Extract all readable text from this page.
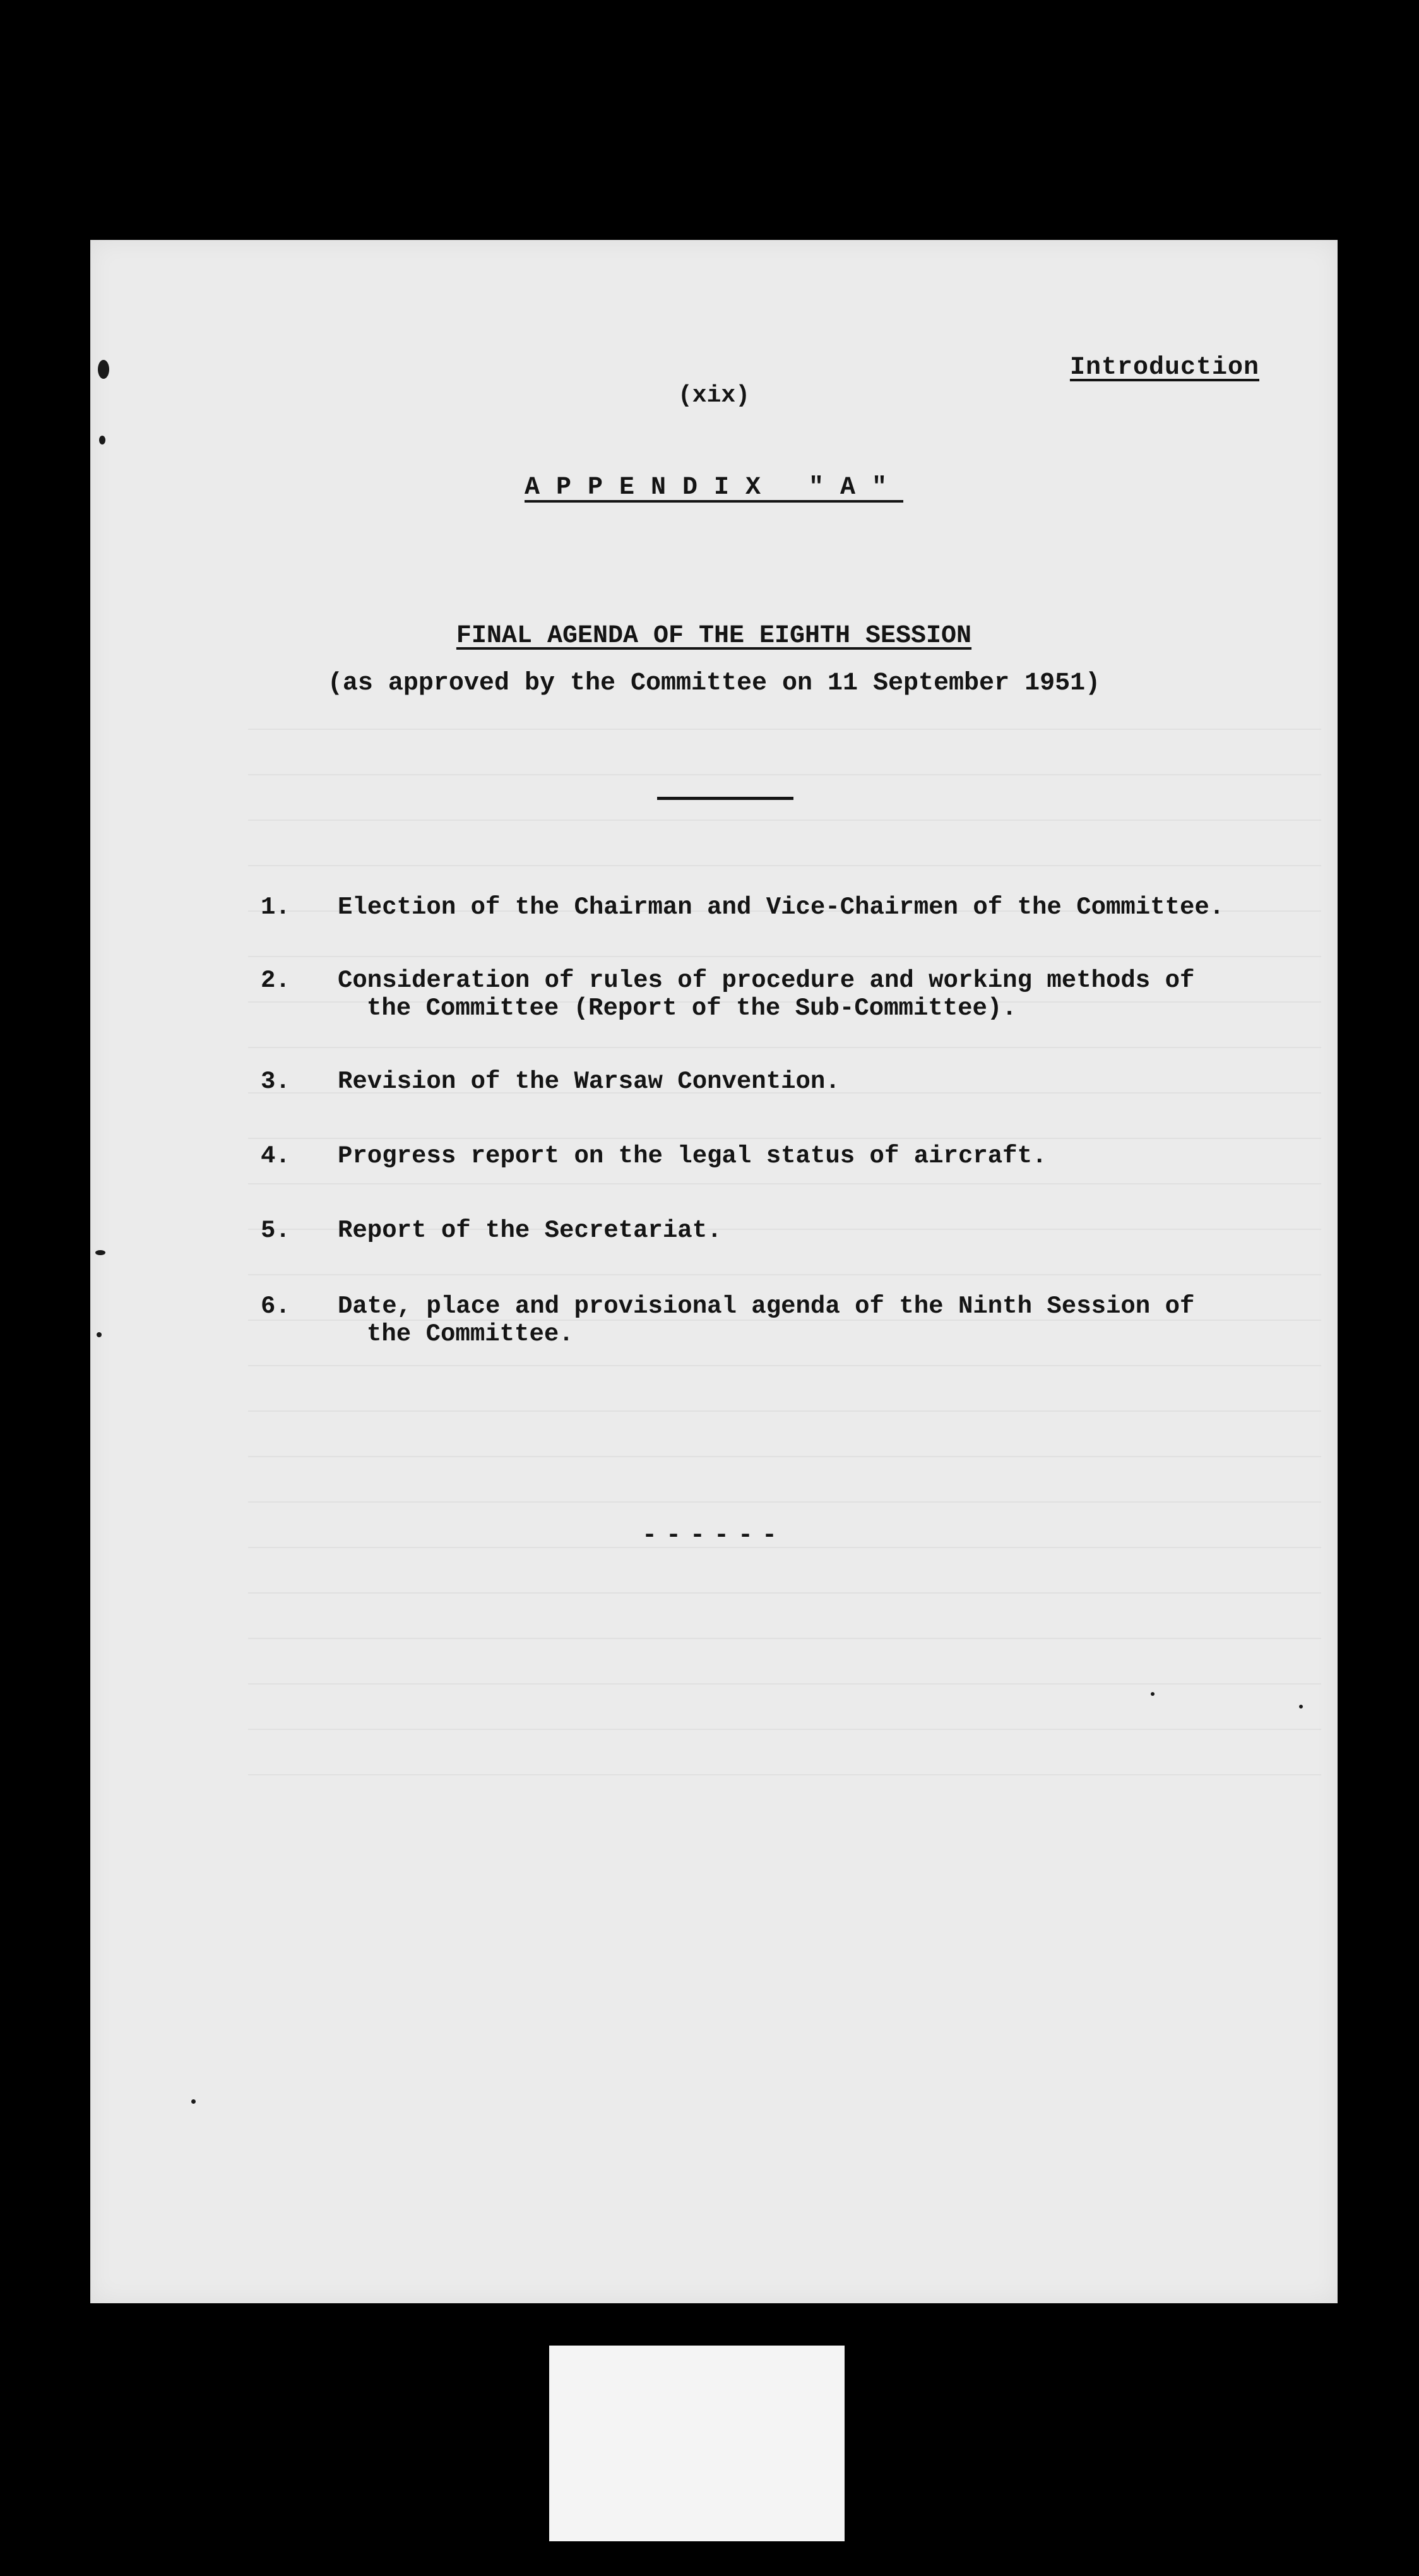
Introduction
(xix)
APPENDIX "A"
FINAL AGENDA OF THE EIGHTH SESSION
(as approved by the Committee on 11 September 1951)
1.	Election of the Chairman and Vice-Chairmen of the Committee.
2.	Consideration of rules of procedure and working methods of the Committee (Report of the Sub-Committee).
3.	Revision of the Warsaw Convention.
4.	Progress report on the legal status of aircraft.
5.	Report of the Secretariat.
6.	Date, place and provisional agenda of the Ninth Session of the Committee.
------
